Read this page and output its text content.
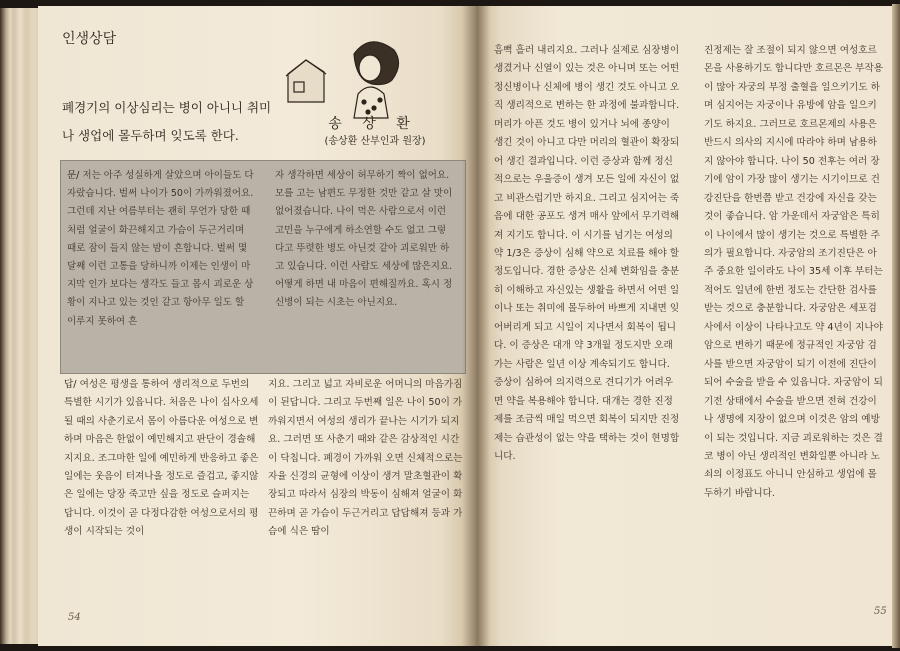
인생상담
폐경기의 이상심리는 병이 아니니 취미나 생업에 몰두하며 잊도록 한다.
송 상 환
(송상환 산부인과 원장)
문/ 저는 아주 성실하게 살았으며 아이들도 다 자랐습니다. 벌써 나이가 50이 가까워졌어요. 그런데 지난 여름부터는 괜히 무언가 당한 때 처럼 얼굴이 화끈해지고 가슴이 두근거리며 때로 잠이 들지 않는 밤이 흔합니다. 벌써 몇달째 이런 고통을 당하니까 이제는 인생이 마지막 인가 보다는 생각도 들고 몹시 괴로운 상황이 지나고 있는 것인 같고 항아무 일도 할 이루지 못하여 흔
자 생각하면 세상이 허무하기 짝이 없어요. 모를 고는 남편도 무정한 것만 같고 살 맛이 없어졌습니다. 나이 먹은 사람으로서 이런 고민을 누구에게 하소연할 수도 없고 그렇다고 뚜렷한 병도 아닌것 같아 괴로워만 하고 있습니다. 이런 사람도 세상에 많은지요. 어떻게 하면 내 마음이 편해질까요. 혹시 정신병이 되는 시초는 아닌지요.
답/ 여성은 평생을 통하여 생리적으로 두번의 특별한 시기가 있읍니다. 처음은 나이 십사오세 될 때의 사춘기로서 몸이 아름다운 여성으로 변하며 마음은 한없이 예민해지고 판단이 경솔해지지요. 조그마한 일에 예민하게 반응하고 좋은 일에는 웃음이 터져나올 정도로 즐겁고, 좋지않은 일에는 당장 죽고만 싶을 정도로 슬퍼지는 답니다. 이것이 곧 다정다감한 여성으로서의 평생이 시작되는 것이
지요. 그리고 넓고 자비로운 어머니의 마음가짐이 된답니다. 그리고 두번째 일은 나이 50이 가까워지면서 여성의 생리가 끝나는 시기가 되지요. 그러면 또 사춘기 때와 같은 감상적인 시간이 닥칩니다. 폐경이 가까워 오면 신체적으로는 자율 신경의 균형에 이상이 생겨 말초혈관이 확장되고 따라서 심장의 박동이 심해져 얼굴이 화끈하며 곧 가슴이 두근거리고 답답해져 등과 가슴에 식은 땀이
54
흠뻑 흘러 내리지요. 그러나 실제로 심장병이 생겼거나 신열이 있는 것은 아니며 또는 어떤 정신병이나 신체에 병이 생긴 것도 아니고 오직 생리적으로 변하는 한 과정에 불과합니다. 머리가 아픈 것도 병이 있거나 뇌에 종양이 생긴 것이 아니고 다만 머리의 혈관이 확장되어 생긴 결과입니다. 이런 증상과 함께 정신적으로는 우울증이 생겨 모든 일에 자신이 없고 비관스럽기만 하지요. 그리고 심지어는 죽음에 대한 공포도 생겨 매사 앞에서 무기력해져 지기도 합니다. 이 시기를 넘기는 여성의 약 1/3은 증상이 심해 약으로 치료를 해야 할 정도입니다. 경한 증상은 신체 변화임을 충분히 이해하고 자신있는 생활을 하면서 어떤 일이나 또는 취미에 몰두하여 바쁘게 지내면 잊어버리게 되고 시일이 지나면서 회복이 됩니다. 이 증상은 대개 약 3개월 정도지만 오래가는 사람은 일년 이상 계속되기도 합니다. 증상이 심하여 의지력으로 견디기가 어려우면 약을 복용해야 합니다. 대개는 경한 진정제를 조금씩 매일 먹으면 회복이 되지만 진정제는 습관성이 없는 약을 택하는 것이 현명합니다.
진정제는 잘 조절이 되지 않으면 여성호르몬을 사용하기도 합니다만 호르몬은 부작용이 많아 자궁의 부정 출혈을 일으키기도 하며 심지어는 자궁이나 유방에 암을 일으키기도 하지요. 그러므로 호르몬제의 사용은 반드시 의사의 지시에 따라야 하며 남용하지 않아야 합니다. 나이 50 전후는 여러 장기에 암이 가장 많이 생기는 시기이므로 건강진단을 한번쯤 받고 건강에 자신을 갖는 것이 좋습니다. 암 가운데서 자궁암은 특히 이 나이에서 많이 생기는 것으로 특별한 주의가 필요합니다. 자궁암의 조기진단은 아주 중요한 일이라도 나이 35세 이후 부터는 적어도 일년에 한번 정도는 간단한 검사를 받는 것으로 충분합니다. 자궁암은 세포검사에서 이상이 나타나고도 약 4년이 지나야 암으로 변하기 때문에 정규적인 자궁암 검사를 받으면 자궁암이 되기 이전에 진단이 되어 수술을 받을 수 있읍니다. 자궁암이 되기전 상태에서 수술을 받으면 전혀 건강이나 생명에 지장이 없으며 이것은 암의 예방이 되는 것입니다. 지금 괴로워하는 것은 결코 병이 아닌 생리적인 변화일뿐 아니라 노쇠의 이정표도 아니니 안심하고 생업에 몰두하기 바랍니다.
55
